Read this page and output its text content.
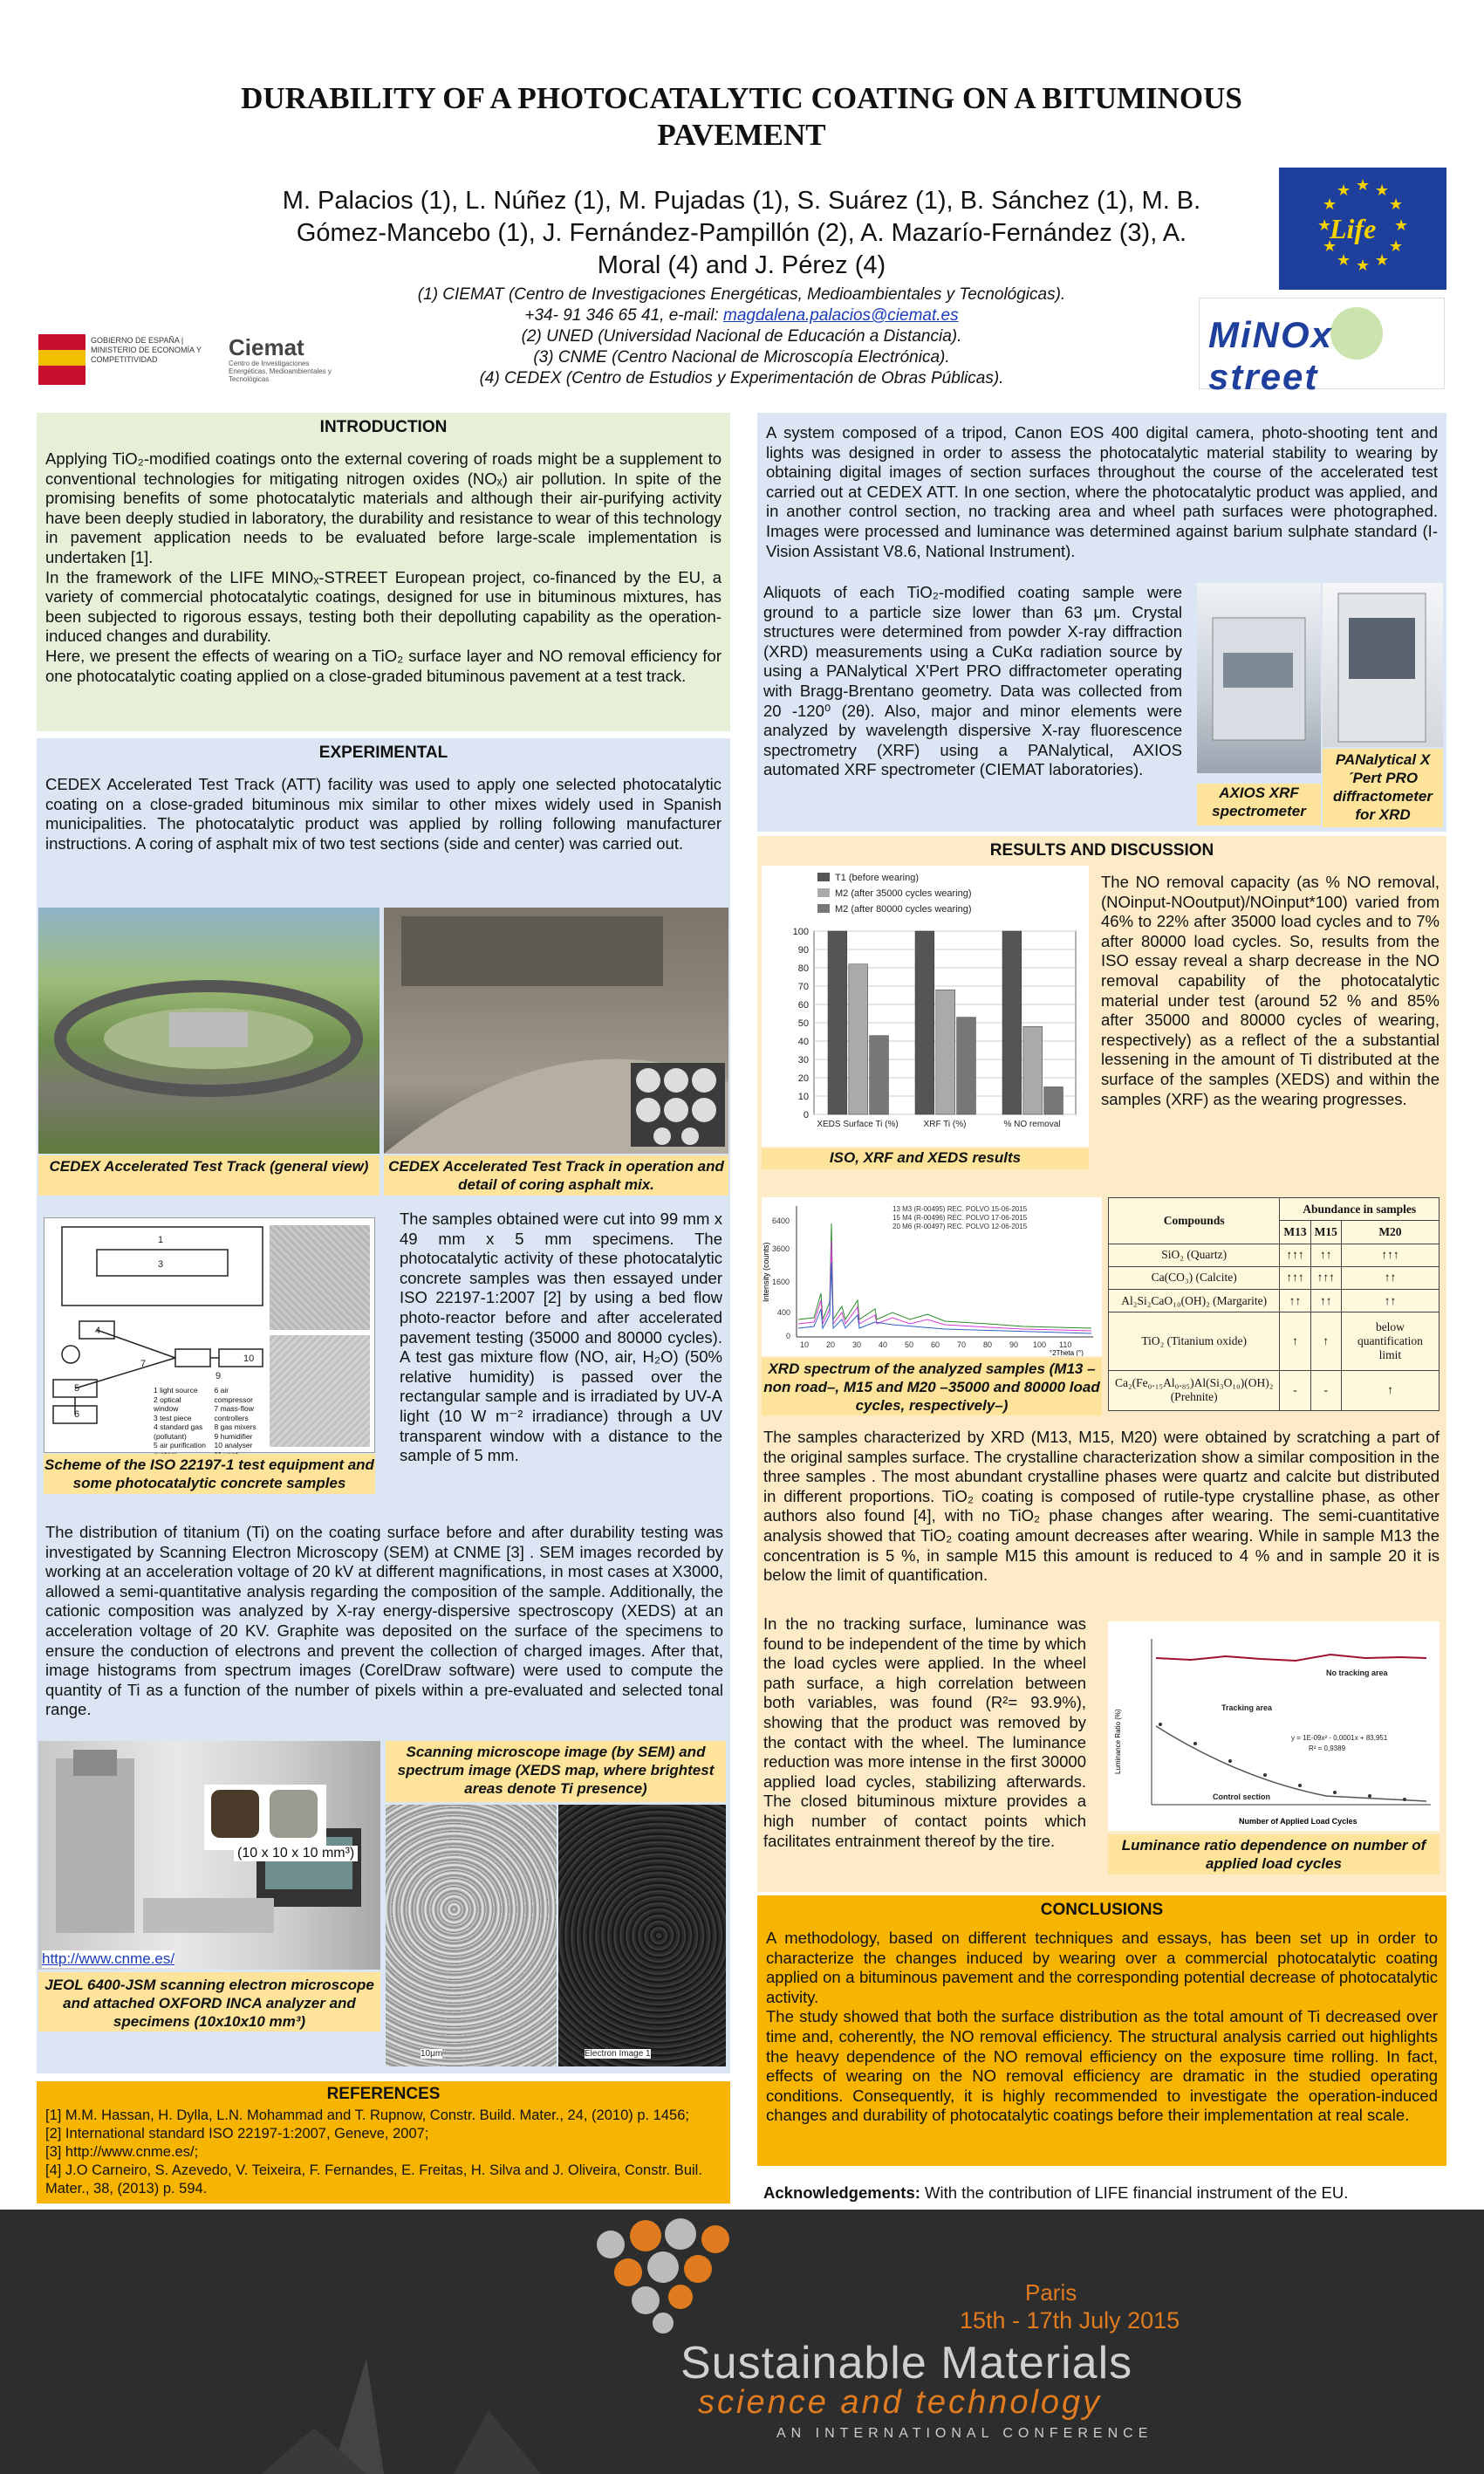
DURABILITY OF A PHOTOCATALYTIC COATING ON A BITUMINOUS PAVEMENT
M. Palacios (1), L. Núñez (1), M. Pujadas (1), S. Suárez (1), B. Sánchez (1), M. B. Gómez-Mancebo (1), J. Fernández-Pampillón (2), A. Mazarío-Fernández (3), A. Moral (4) and J. Pérez (4)
(1) CIEMAT (Centro de Investigaciones Energéticas, Medioambientales y Tecnológicas).
+34- 91 346 65 41, e-mail: magdalena.palacios@ciemat.es
(2) UNED (Universidad Nacional de Educación a Distancia).
(3) CNME (Centro Nacional de Microscopía Electrónica).
(4) CEDEX (Centro de Estudios y Experimentación de Obras Públicas).
★ ★
★
★
★
★
★
★
★
★
★
★
Life
MiNOx street
GOBIERNO DE ESPAÑA | MINISTERIO DE ECONOMÍA Y COMPETITIVIDAD	Ciemat
Centro de Investigaciones Energéticas, Medioambientales y Tecnológicas
INTRODUCTION

Applying TiO₂-modified coatings onto the external covering of roads might be a supplement to conventional technologies for mitigating nitrogen oxides (NOₓ) air pollution. In spite of the promising benefits of some photocatalytic materials and although their air-purifying activity have been deeply studied in laboratory, the durability and resistance to wear of this technology in pavement application needs to be evaluated before large-scale implementation is undertaken [1].

In the framework of the LIFE MINOₓ-STREET European project, co-financed by the EU, a variety of commercial photocatalytic coatings, designed for use in bituminous mixtures, has been subjected to rigorous essays, testing both their depolluting capability as the operation-induced changes and durability.

Here, we present the effects of wearing on a TiO₂ surface layer and NO removal efficiency for one photocatalytic coating applied on a close-graded bituminous pavement at a test track.

EXPERIMENTAL
CEDEX Accelerated Test Track (ATT) facility was used to apply one selected photocatalytic coating on a close-graded bituminous mix similar to other mixes widely used in Spanish municipalities. The photocatalytic product was applied by rolling following manufacturer instructions. A coring of asphalt mix of two test sections (side and center) was carried out.
CEDEX Accelerated Test Track (general view)	CEDEX Accelerated Test Track in operation and detail of coring asphalt mix.
1
3
4
10
5
6
7
9
1 light source
2 optical window
3 test piece
4 standard gas (pollutant)
5 air purification
6 air compressor
7 mass-flow controllers
8 gas mixers
9 humidifier
10 analyser
Scheme of the ISO 22197-1 test equipment and some photocatalytic concrete samples
The samples obtained were cut into 99 mm x 49 mm x 5 mm specimens. The photocatalytic activity of these photocatalytic concrete samples was then essayed under ISO 22197-1:2007 [2] by using a bed flow photo-reactor before and after accelerated pavement testing (35000 and 80000 cycles). A test gas mixture flow (NO, air, H₂O) (50% relative humidity) is passed over the rectangular sample and is irradiated by UV-A light (10 W m⁻² irradiance) through a UV transparent window with a distance to the sample of 5 mm.
The distribution of titanium (Ti) on the coating surface before and after durability testing was investigated by Scanning Electron Microscopy (SEM) at CNME [3] . SEM images recorded by working at an acceleration voltage of 20 kV at different magnifications, in most cases at X3000, allowed a semi-quantitative analysis regarding the composition of the sample. Additionally, the cationic composition was analyzed by X-ray energy-dispersive spectroscopy (XEDS) at an acceleration voltage of 20 KV. Graphite was deposited on the surface of the specimens to ensure the conduction of electrons and prevent the collection of charged images. After that, image histograms from spectrum images (CorelDraw software) were used to compute the quantity of Ti as a function of the number of pixels within a pre-evaluated and selected tonal range.
(10 x 10 x 10 mm³)
http://www.cnme.es/
JEOL 6400-JSM scanning electron microscope and attached OXFORD INCA analyzer and specimens (10x10x10 mm³)
Scanning microscope image (by SEM) and spectrum image (XEDS map, where brightest areas denote Ti presence)
10μm	Electron Image 1
REFERENCES
[1] M.M. Hassan, H. Dylla, L.N. Mohammad and T. Rupnow, Constr. Build. Mater., 24, (2010) p. 1456;
[2] International standard ISO 22197-1:2007, Geneve, 2007;
[3] http://www.cnme.es/;
[4] J.O Carneiro, S. Azevedo, V. Teixeira, F. Fernandes, E. Freitas, H. Silva and J. Oliveira, Constr. Buil. Mater., 38, (2013) p. 594.
A system composed of a tripod, Canon EOS 400 digital camera, photo-shooting tent and lights was designed in order to assess the photocatalytic material stability to wearing by obtaining digital images of section surfaces throughout the course of the accelerated test carried out at CEDEX ATT. In one section, where the photocatalytic product was applied, and in another control section, no tracking area and wheel path surfaces were photographed. Images were processed and luminance was determined against barium sulphate standard (I-Vision Assistant V8.6, National Instrument).
Aliquots of each TiO₂-modified coating sample were ground to a particle size lower than 63 μm. Crystal structures were determined from powder X-ray diffraction (XRD) measurements using a CuKα radiation source by using a PANalytical X'Pert PRO diffractometer operating with Bragg-Brentano geometry. Data was collected from 20 -120⁰ (2θ). Also, major and minor elements were analyzed by wavelength dispersive X-ray fluorescence spectrometry (XRF) using a PANalytical, AXIOS automated XRF spectrometer (CIEMAT laboratories).
AXIOS XRF spectrometer
PANalytical X´Pert PRO diffractometer for XRD
RESULTS AND DISCUSSION
0
10
20
30
40
50
60
70
80
90
100
XEDS Surface Ti (%)	XRF Ti (%)	% NO removal
T1 (before wearing)
M2 (after 35000 cycles wearing)
M2 (after 80000 cycles wearing)
ISO, XRF and XEDS results
The NO removal capacity (as % NO removal, (NOinput-NOoutput)/NOinput*100) varied from 46% to 22% after 35000 load cycles and to 7% after 80000 load cycles. So, results from the ISO essay reveal a sharp decrease in the NO removal capability of the photocatalytic material under test (around 52 % and 85% after 35000 and 80000 cycles of wearing, respectively) as a reflect of the a substantial lessening in the amount of Ti distributed at the surface of the samples (XEDS) and within the samples (XRF) as the wearing progresses.
Intensity (counts)
6400
3600
1600
400
0
10 20 30 40 50 60 70 80 90 100 110
°2Theta (°)
13 M3 (R-00495) REC. POLVO 15-06-2015
15 M4 (R-00496) REC. POLVO 17-06-2015
20 M6 (R-00497) REC. POLVO 12-06-2015
XRD spectrum of the analyzed samples (M13 –non road–, M15 and M20 –35000 and 80000 load cycles, respectively–)
Compounds	Abundance in samples		
	M13	M15	M20
SiO₂ (Quartz)	↑↑↑	↑↑	↑↑↑
Ca(CO₃) (Calcite)	↑↑↑	↑↑↑	↑↑
Al₂Si₂CaO₁₀(OH)₂ (Margarite)	↑↑	↑↑	↑↑
TiO₂ (Titanium oxide)	↑	↑	below quantification limit
Ca₂(Fe₀.₁₅Al₀.₈₅)Al(Si₃O₁₀)(OH)₂ (Prehnite)	-	-	↑
The samples characterized by XRD (M13, M15, M20) were obtained by scratching a part of the original samples surface. The crystalline characterization show a similar composition in the three samples . The most abundant crystalline phases were quartz and calcite but distributed in different proportions. TiO₂ coating is composed of rutile-type crystalline phase, as other authors also found [4], with no TiO₂ phase changes after wearing. The semi-cuantitative analysis showed that TiO₂ coating amount decreases after wearing. While in sample M13 the concentration is 5 %, in sample M15 this amount is reduced to 4 % and in sample 20 it is below the limit of quantification.
In the no tracking surface, luminance was found to be independent of the time by which the load cycles were applied. In the wheel path surface, a high correlation between both variables, was found (R²= 93.9%), showing that the product was removed by the contact with the wheel. The luminance reduction was more intense in the first 30000 applied load cycles, stabilizing afterwards. The closed bituminous mixture provides a high number of contact points which facilitates entrainment thereof by the tire.
Luminance Ratio (%)
Number of Applied Load Cycles
No tracking area
Tracking area
Control section
y = 1E-09x² - 0,0001x + 83,951
R² = 0,9389
Luminance ratio dependence on number of applied load cycles
CONCLUSIONS

A methodology, based on different techniques and essays, has been set up in order to characterize the changes induced by wearing over a commercial photocatalytic coating applied on a bituminous pavement and the corresponding potential decrease of photocatalytic activity.

The study showed that both the surface distribution as the total amount of Ti decreased over time and, coherently, the NO removal efficiency. The structural analysis carried out highlights the heavy dependence of the NO removal efficiency on the exposure time rolling. In fact, effects of wearing on the NO removal efficiency are dramatic in the studied operating conditions. Consequently, it is highly recommended to investigate the operation-induced changes and durability of photocatalytic coatings before their implementation at real scale.

Acknowledgements: With the contribution of LIFE financial instrument of the EU.
Paris
15th - 17th July 2015
Sustainable Materials
science and technology
AN INTERNATIONAL CONFERENCE
